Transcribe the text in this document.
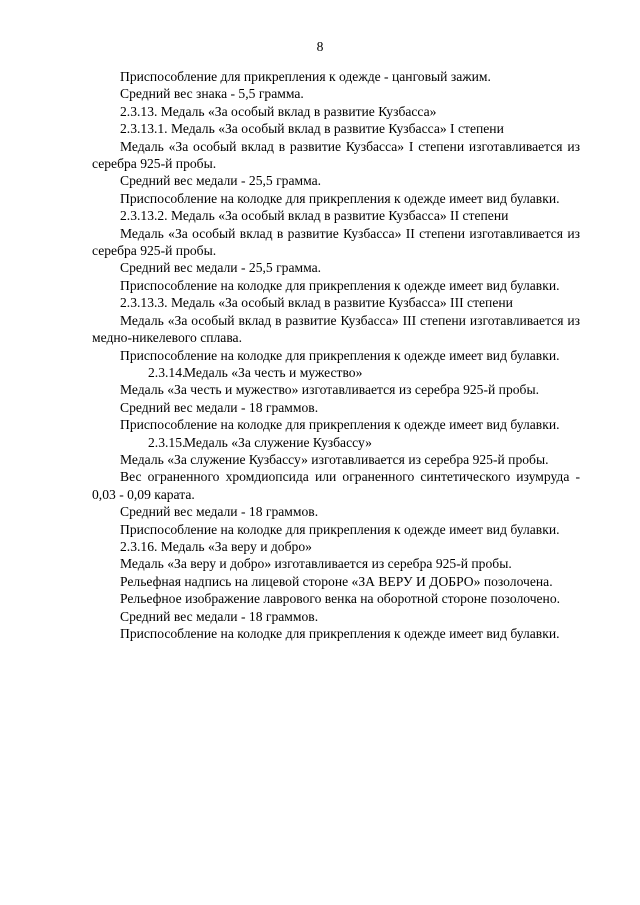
8

Приспособление для прикрепления к одежде - цанговый зажим.

Средний вес знака - 5,5 грамма.

2.3.13. Медаль «За особый вклад в развитие Кузбасса»

2.3.13.1. Медаль «За особый вклад в развитие Кузбасса» I степени

Медаль «За особый вклад в развитие Кузбасса» I степени изготавливается из серебра 925-й пробы.

Средний вес медали - 25,5 грамма.

Приспособление на колодке для прикрепления к одежде имеет вид булавки.

2.3.13.2. Медаль «За особый вклад в развитие Кузбасса» II степени

Медаль «За особый вклад в развитие Кузбасса» II степени изготавливается из серебра 925-й пробы.

Средний вес медали - 25,5 грамма.

Приспособление на колодке для прикрепления к одежде имеет вид булавки.

2.3.13.3. Медаль «За особый вклад в развитие Кузбасса» III степени

Медаль «За особый вклад в развитие Кузбасса» III степени изготавливается из медно-никелевого сплава.

Приспособление на колодке для прикрепления к одежде имеет вид булавки.

2.3.14.Медаль «За честь и мужество»

Медаль «За честь и мужество» изготавливается из серебра 925-й пробы.

Средний вес медали - 18 граммов.

Приспособление на колодке для прикрепления к одежде имеет вид булавки.

2.3.15.Медаль «За служение Кузбассу»

Медаль «За служение Кузбассу» изготавливается из серебра 925-й пробы.

Вес ограненного хромдиопсида или ограненного синтетического изумруда - 0,03 - 0,09 карата.

Средний вес медали - 18 граммов.

Приспособление на колодке для прикрепления к одежде имеет вид булавки.

2.3.16. Медаль «За веру и добро»

Медаль «За веру и добро» изготавливается из серебра 925-й пробы.

Рельефная надпись на лицевой стороне «ЗА ВЕРУ И ДОБРО» позолочена.

Рельефное изображение лаврового венка на оборотной стороне позолочено.

Средний вес медали - 18 граммов.

Приспособление на колодке для прикрепления к одежде имеет вид булавки.
